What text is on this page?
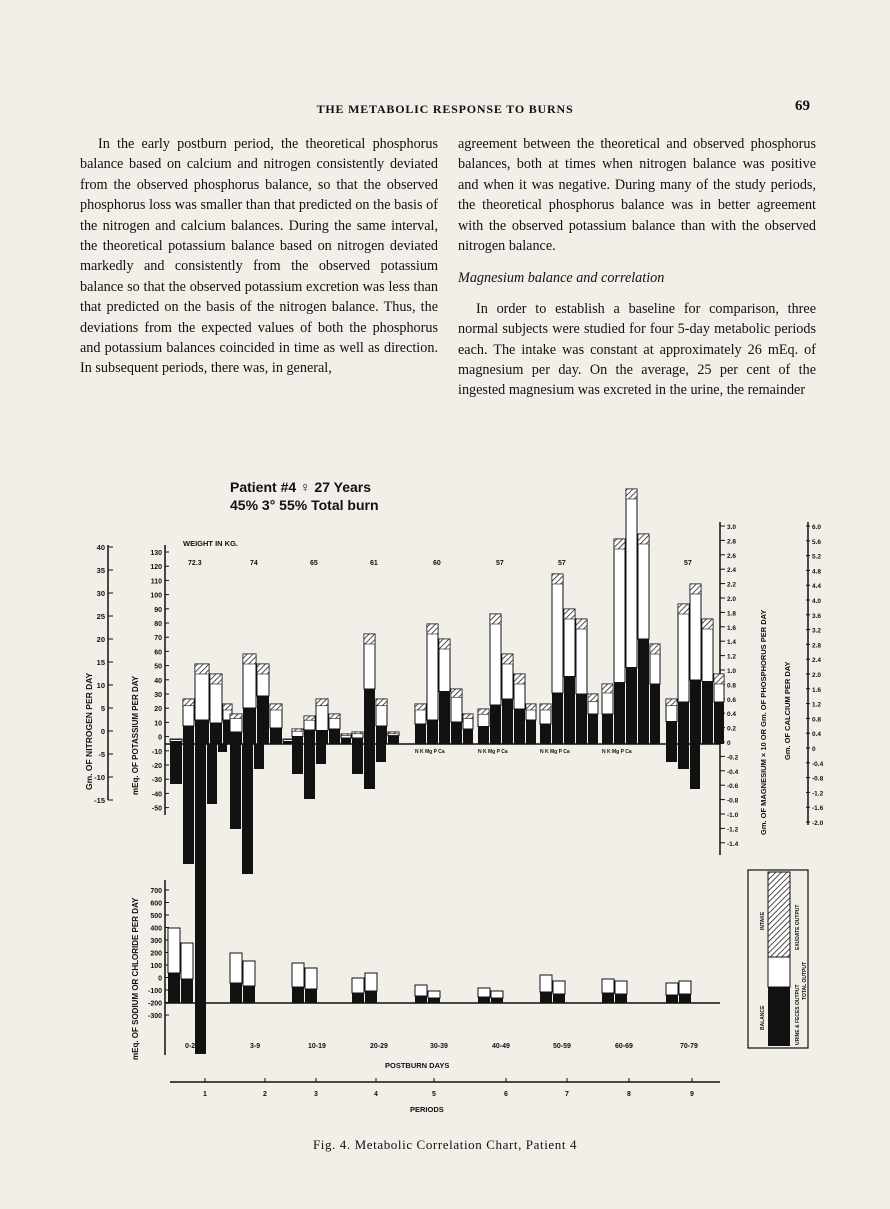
THE METABOLIC RESPONSE TO BURNS	69

In the early postburn period, the theoretical phosphorus balance based on calcium and nitrogen consistently deviated from the observed phosphorus balance, so that the observed phosphorus loss was smaller than that predicted on the basis of the nitrogen and calcium balances. During the same interval, the theoretical potassium balance based on nitrogen deviated markedly and consistently from the observed potassium balance so that the observed potassium excretion was less than that predicted on the basis of the nitrogen balance. Thus, the deviations from the expected values of both the phosphorus and potassium balances coincided in time as well as direction. In subsequent periods, there was, in general,

agreement between the theoretical and observed phosphorus balances, both at times when nitrogen balance was positive and when it was negative. During many of the study periods, the theoretical phosphorus balance was in better agreement with the observed potassium balance than with the observed nitrogen balance.

Magnesium balance and correlation

In order to establish a baseline for comparison, three normal subjects were studied for four 5-day metabolic periods each. The intake was constant at approximately 26 mEq. of magnesium per day. On the average, 25 per cent of the ingested magnesium was excreted in the urine, the remainder

Patient #4 ♀ 27 Years
45% 3° 55% Total burn
40
35
30
25
20
15
10
5
0
-5
-10
-15
Gm. OF NITROGEN PER DAY
130
120
110
100
90
80
70
60
50
40
30
20
10
0
-10
-20
-30
-40
-50
mEq. OF POTASSIUM PER DAY
WEIGHT IN KG.
72.3	74	65	61	60	57	57	57
3.0
2.8
2.6
2.4
2.2
2.0
1.8
1.6
1.4
1.2
1.0
0.8
0.6
0.4
0.2
0
-0.2
-0.4
-0.6
-0.8
-1.0
-1.2
-1.4
Gm. OF MAGNESIUM × 10 OR Gm. OF PHOSPHORUS PER DAY
6.0
5.6
5.2
4.8
4.4
4.0
3.6
3.2
2.8
2.4
2.0
1.6
1.2
0.8
0.4
0
-0.4
-0.8
-1.2
-1.6
-2.0
Gm. OF CALCIUM PER DAY
N K Mg P Ca	N K Mg P Ca	N K Mg P Ca	N K Mg P Ca
700
600
500
400
300
200
100
0
-100
-200
-300
mEq. OF SODIUM OR CHLORIDE PER DAY	0-2	3-9	10-19	20-29	30-39	40-49	50-59	60-69	70-79
POSTBURN DAYS
1	2	3	4	5	6	7	8	9
PERIODS
INTAKE
URINE & FECES OUTPUT
EXUDATE OUTPUT
TOTAL OUTPUT
BALANCE
Fig. 4. Metabolic Correlation Chart, Patient 4
